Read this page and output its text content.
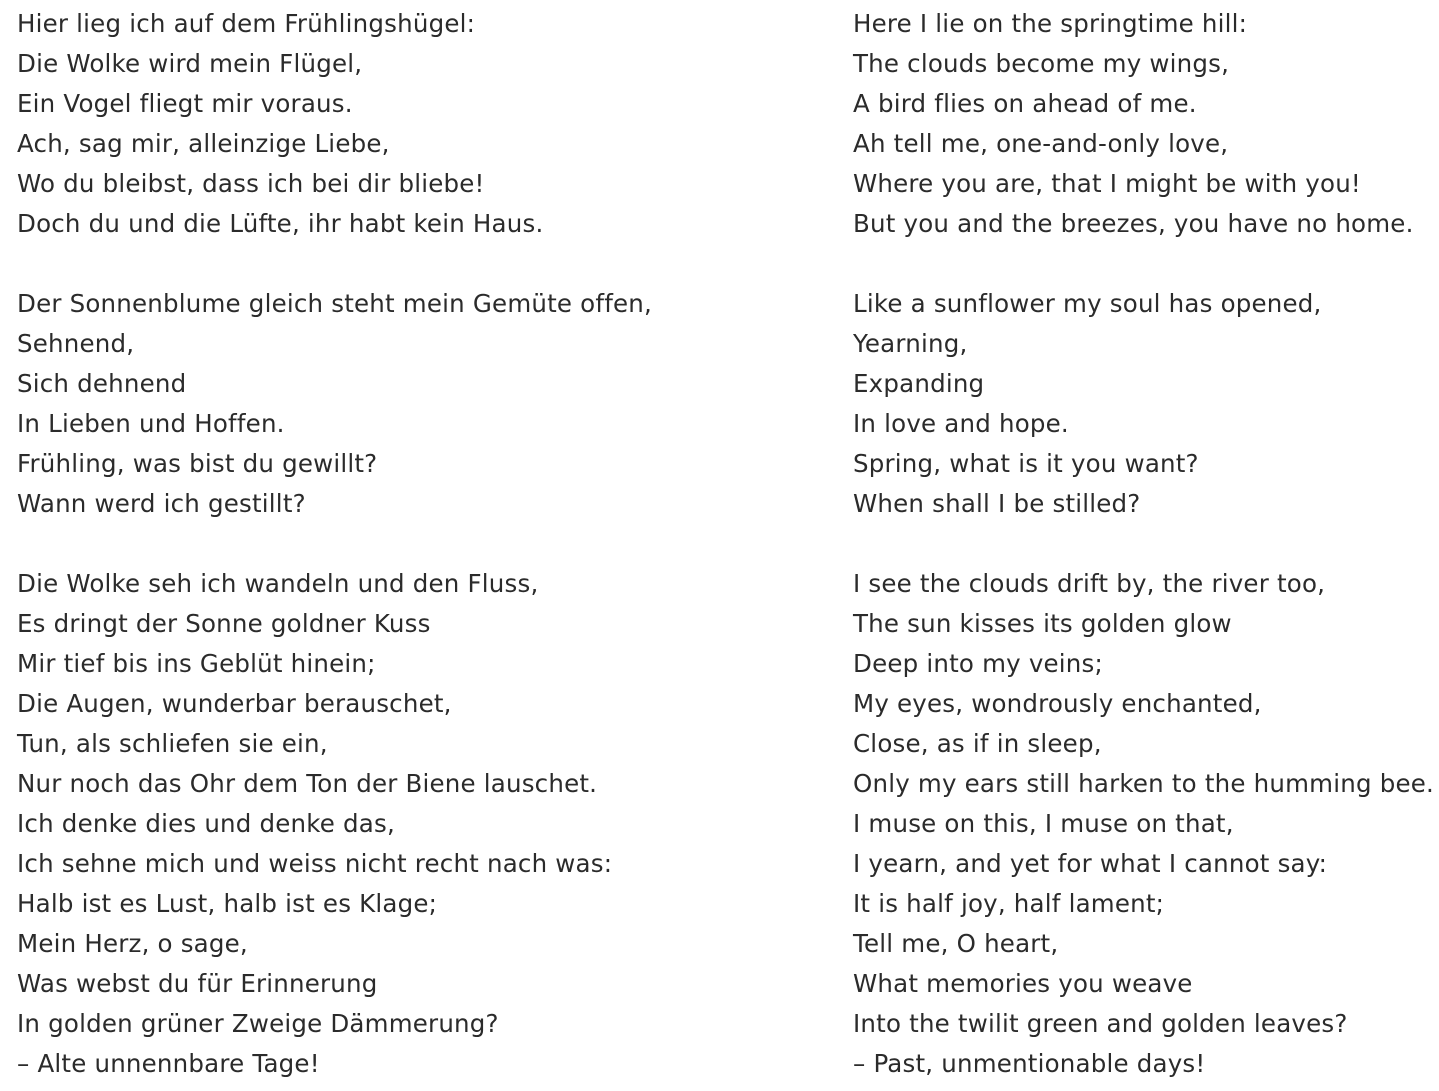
Hier lieg ich auf dem Frühlingshügel:
Die Wolke wird mein Flügel,
Ein Vogel fliegt mir voraus.
Ach, sag mir, alleinzige Liebe,
Wo du bleibst, dass ich bei dir bliebe!
Doch du und die Lüfte, ihr habt kein Haus.
Der Sonnenblume gleich steht mein Gemüte offen,
Sehnend,
Sich dehnend
In Lieben und Hoffen.
Frühling, was bist du gewillt?
Wann werd ich gestillt?
Die Wolke seh ich wandeln und den Fluss,
Es dringt der Sonne goldner Kuss
Mir tief bis ins Geblüt hinein;
Die Augen, wunderbar berauschet,
Tun, als schliefen sie ein,
Nur noch das Ohr dem Ton der Biene lauschet.
Ich denke dies und denke das,
Ich sehne mich und weiss nicht recht nach was:
Halb ist es Lust, halb ist es Klage;
Mein Herz, o sage,
Was webst du für Erinnerung
In golden grüner Zweige Dämmerung?
– Alte unnennbare Tage!
Here I lie on the springtime hill:
The clouds become my wings,
A bird flies on ahead of me.
Ah tell me, one-and-only love,
Where you are, that I might be with you!
But you and the breezes, you have no home.
Like a sunflower my soul has opened,
Yearning,
Expanding
In love and hope.
Spring, what is it you want?
When shall I be stilled?
I see the clouds drift by, the river too,
The sun kisses its golden glow
Deep into my veins;
My eyes, wondrously enchanted,
Close, as if in sleep,
Only my ears still harken to the humming bee.
I muse on this, I muse on that,
I yearn, and yet for what I cannot say:
It is half joy, half lament;
Tell me, O heart,
What memories you weave
Into the twilit green and golden leaves?
– Past, unmentionable days!
